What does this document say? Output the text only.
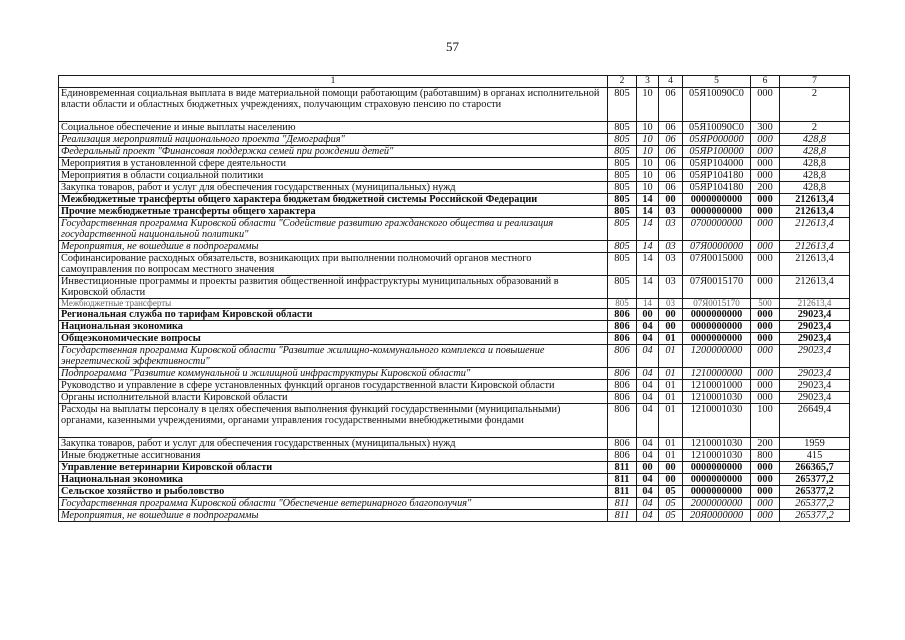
57
1	2	3	4	5	6	7
Единовременная социальная выплата в виде материальной помощи работающим (работавшим) в органах исполнительной власти области и областных бюджетных учреждениях, получающим страховую пенсию по старости	805	10	06	05Я10090С0	000	2
Социальное обеспечение и иные выплаты населению	805	10	06	05Я10090С0	300	2
Реализация мероприятий национального проекта "Демография"	805	10	06	05ЯР000000	000	428,8
Федеральный проект "Финансовая поддержка семей при рождении детей"	805	10	06	05ЯР100000	000	428,8
Мероприятия в установленной сфере деятельности	805	10	06	05ЯР104000	000	428,8
Мероприятия в области социальной политики	805	10	06	05ЯР104180	000	428,8
Закупка товаров, работ и услуг для обеспечения государственных (муниципальных) нужд	805	10	06	05ЯР104180	200	428,8
Межбюджетные трансферты общего характера бюджетам бюджетной системы Российской Федерации	805	14	00	0000000000	000	212613,4
Прочие межбюджетные трансферты общего характера	805	14	03	0000000000	000	212613,4
Государственная программа Кировской области "Содействие развитию гражданского общества и реализация государственной национальной политики"	805	14	03	0700000000	000	212613,4
Мероприятия, не вошедшие в подпрограммы	805	14	03	07Я0000000	000	212613,4
Софинансирование расходных обязательств, возникающих при выполнении полномочий органов местного самоуправления по вопросам местного значения	805	14	03	07Я0015000	000	212613,4
Инвестиционные программы и проекты развития общественной инфраструктуры муниципальных образований в Кировской области	805	14	03	07Я0015170	000	212613,4
Межбюджетные трансферты	805	14	03	07Я0015170	500	212613,4
Региональная служба по тарифам Кировской области	806	00	00	0000000000	000	29023,4
Национальная экономика	806	04	00	0000000000	000	29023,4
Общеэкономические вопросы	806	04	01	0000000000	000	29023,4
Государственная программа Кировской области "Развитие жилищно-коммунального комплекса и повышение энергетической эффективности"	806	04	01	1200000000	000	29023,4
Подпрограмма "Развитие коммунальной и жилищной инфраструктуры Кировской области"	806	04	01	1210000000	000	29023,4
Руководство и управление в сфере установленных функций органов государственной власти Кировской области	806	04	01	1210001000	000	29023,4
Органы исполнительной власти Кировской области	806	04	01	1210001030	000	29023,4
Расходы на выплаты персоналу в целях обеспечения выполнения функций государственными (муниципальными) органами, казенными учреждениями, органами управления государственными внебюджетными фондами	806	04	01	1210001030	100	26649,4
Закупка товаров, работ и услуг для обеспечения государственных (муниципальных) нужд	806	04	01	1210001030	200	1959
Иные бюджетные ассигнования	806	04	01	1210001030	800	415
Управление ветеринарии Кировской области	811	00	00	0000000000	000	266365,7
Национальная экономика	811	04	00	0000000000	000	265377,2
Сельское хозяйство и рыболовство	811	04	05	0000000000	000	265377,2
Государственная программа Кировской области "Обеспечение ветеринарного благополучия"	811	04	05	2000000000	000	265377,2
Мероприятия, не вошедшие в подпрограммы	811	04	05	20Я0000000	000	265377,2
